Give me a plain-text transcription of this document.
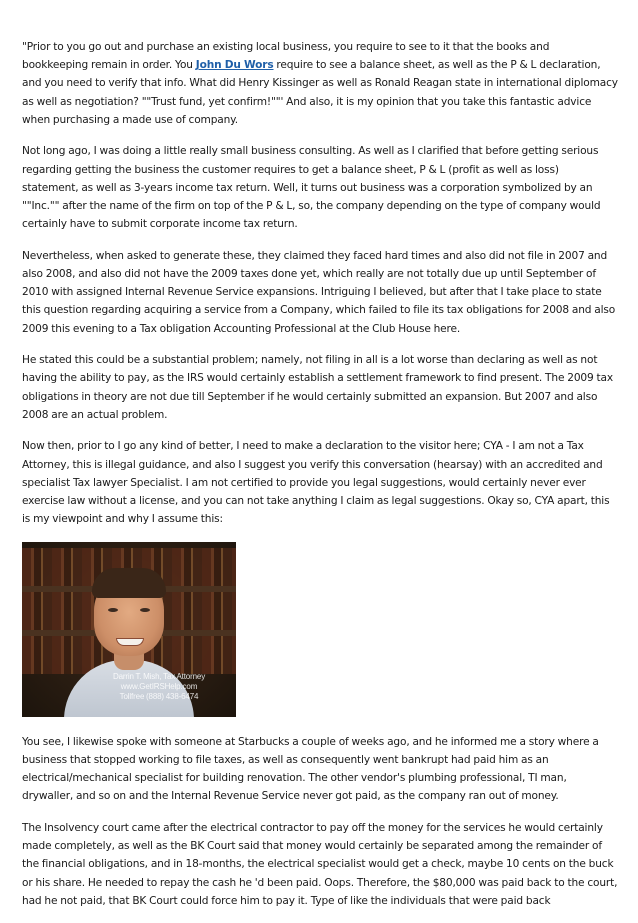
"Prior to you go out and purchase an existing local business, you require to see to it that the books and bookkeeping remain in order. You John Du Wors require to see a balance sheet, as well as the P & L declaration, and you need to verify that info. What did Henry Kissinger as well as Ronald Reagan state in international diplomacy as well as negotiation? ""Trust fund, yet confirm!""' And also, it is my opinion that you take this fantastic advice when purchasing a made use of company.

Not long ago, I was doing a little really small business consulting. As well as I clarified that before getting serious regarding getting the business the customer requires to get a balance sheet, P & L (profit as well as loss) statement, as well as 3-years income tax return. Well, it turns out business was a corporation symbolized by an ""Inc."" after the name of the firm on top of the P & L, so, the company depending on the type of company would certainly have to submit corporate income tax return.

Nevertheless, when asked to generate these, they claimed they faced hard times and also did not file in 2007 and also 2008, and also did not have the 2009 taxes done yet, which really are not totally due up until September of 2010 with assigned Internal Revenue Service expansions. Intriguing I believed, but after that I take place to state this question regarding acquiring a service from a Company, which failed to file its tax obligations for 2008 and also 2009 this evening to a Tax obligation Accounting Professional at the Club House here.

He stated this could be a substantial problem; namely, not filing in all is a lot worse than declaring as well as not having the ability to pay, as the IRS would certainly establish a settlement framework to find present. The 2009 tax obligations in theory are not due till September if he would certainly submitted an expansion. But 2007 and also 2008 are an actual problem.

Now then, prior to I go any kind of better, I need to make a declaration to the visitor here; CYA - I am not a Tax Attorney, this is illegal guidance, and also I suggest you verify this conversation (hearsay) with an accredited and specialist Tax lawyer Specialist. I am not certified to provide you legal suggestions, would certainly never ever exercise law without a license, and you can not take anything I claim as legal suggestions. Okay so, CYA apart, this is my viewpoint and why I assume this:

Darrin T. Mish, Tax Attorney
www.GetIRSHelp.com
Tollfree (888) 438-6474

You see, I likewise spoke with someone at Starbucks a couple of weeks ago, and he informed me a story where a business that stopped working to file taxes, as well as consequently went bankrupt had paid him as an electrical/mechanical specialist for building renovation. The other vendor's plumbing professional, TI man, drywaller, and so on and the Internal Revenue Service never got paid, as the company ran out of money.

The Insolvency court came after the electrical contractor to pay off the money for the services he would certainly made completely, as well as the BK Court said that money would certainly be separated among the remainder of the financial obligations, and in 18-months, the electrical specialist would get a check, maybe 10 cents on the buck or his share. He needed to repay the cash he 'd been paid. Oops. Therefore, the $80,000 was paid back to the court, had he not paid, that BK Court could force him to pay it. Type of like the individuals that were paid back
